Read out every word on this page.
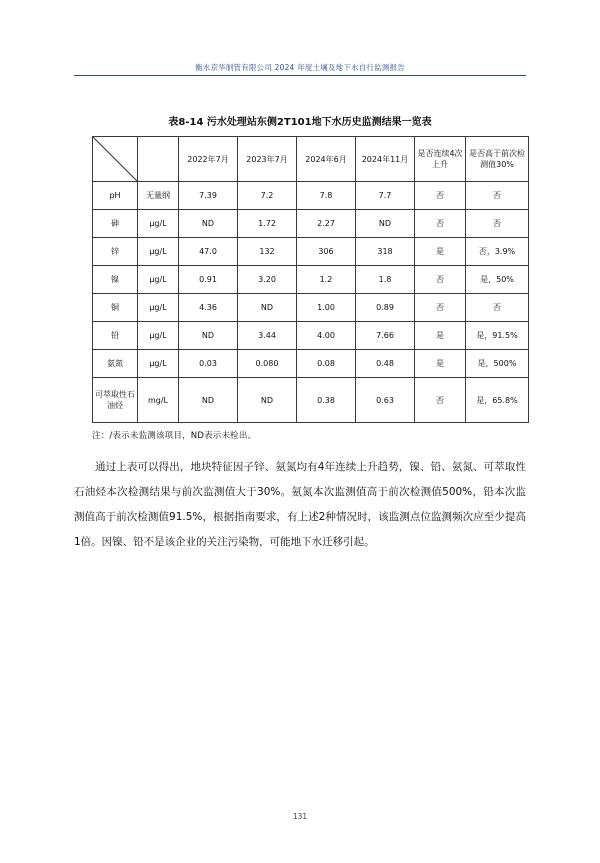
衡水京华制管有限公司 2024 年度土壤及地下水自行监测报告
表8-14 污水处理站东侧2T101地下水历史监测结果一览表
		2022年7月	2023年7月	2024年6月	2024年11月	是否连续4次上升	是否高于前次检测值30%
pH	无量纲	7.39	7.2	7.8	7.7	否	否
砷	μg/L	ND	1.72	2.27	ND	否	否
锌	μg/L	47.0	132	306	318	是	否，3.9%
镍	μg/L	0.91	3.20	1.2	1.8	否	是，50%
铜	μg/L	4.36	ND	1.00	0.89	否	否
铅	μg/L	ND	3.44	4.00	7.66	是	是，91.5%
氨氮	μg/L	0.03	0.080	0.08	0.48	是	是，500%
可萃取性石油烃	mg/L	ND	ND	0.38	0.63	否	是，65.8%
注：/表示未监测该项目，ND表示未检出。
通过上表可以得出，地块特征因子锌、氨氮均有4年连续上升趋势，镍、铅、氨氮、可萃取性石油烃本次检测结果与前次监测值大于30%。氨氮本次监测值高于前次检测值500%，铅本次监测值高于前次检测值91.5%，根据指南要求，有上述2种情况时，该监测点位监测频次应至少提高1倍。因镍、铅不是该企业的关注污染物，可能地下水迁移引起。
131
